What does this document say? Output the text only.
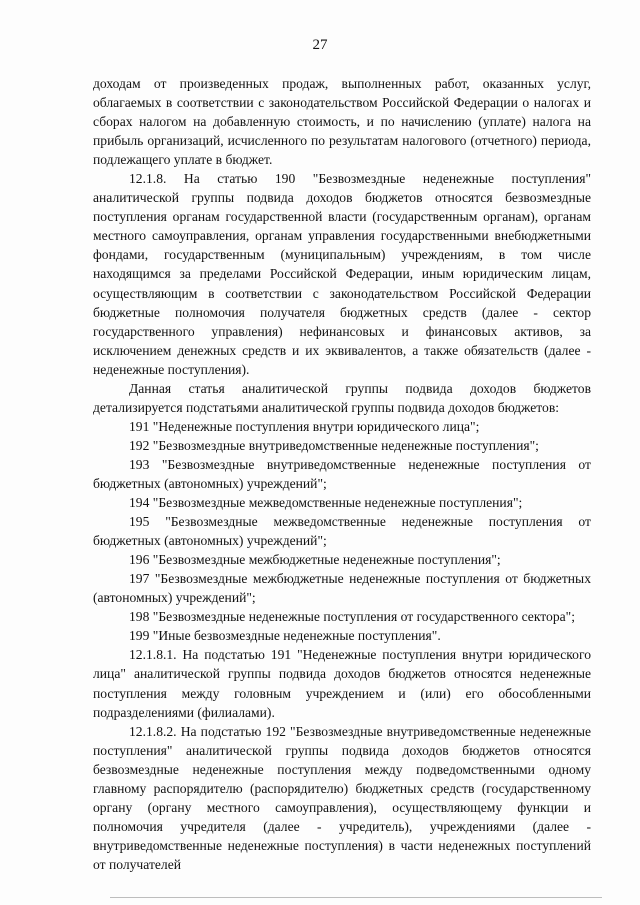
27

доходам от произведенных продаж, выполненных работ, оказанных услуг, облагаемых в соответствии с законодательством Российской Федерации о налогах и сборах налогом на добавленную стоимость, и по начислению (уплате) налога на прибыль организаций, исчисленного по результатам налогового (отчетного) периода, подлежащего уплате в бюджет.

12.1.8. На статью 190 "Безвозмездные неденежные поступления" аналитической группы подвида доходов бюджетов относятся безвозмездные поступления органам государственной власти (государственным органам), органам местного самоуправления, органам управления государственными внебюджетными фондами, государственным (муниципальным) учреждениям, в том числе находящимся за пределами Российской Федерации, иным юридическим лицам, осуществляющим в соответствии с законодательством Российской Федерации бюджетные полномочия получателя бюджетных средств (далее - сектор государственного управления) нефинансовых и финансовых активов, за исключением денежных средств и их эквивалентов, а также обязательств (далее - неденежные поступления).

Данная статья аналитической группы подвида доходов бюджетов детализируется подстатьями аналитической группы подвида доходов бюджетов:

191 "Неденежные поступления внутри юридического лица";

192 "Безвозмездные внутриведомственные неденежные поступления";

193 "Безвозмездные внутриведомственные неденежные поступления от бюджетных (автономных) учреждений";

194 "Безвозмездные межведомственные неденежные поступления";

195 "Безвозмездные межведомственные неденежные поступления от бюджетных (автономных) учреждений";

196 "Безвозмездные межбюджетные неденежные поступления";

197 "Безвозмездные межбюджетные неденежные поступления от бюджетных (автономных) учреждений";

198 "Безвозмездные неденежные поступления от государственного сектора";

199 "Иные безвозмездные неденежные поступления".

12.1.8.1. На подстатью 191 "Неденежные поступления внутри юридического лица" аналитической группы подвида доходов бюджетов относятся неденежные поступления между головным учреждением и (или) его обособленными подразделениями (филиалами).

12.1.8.2. На подстатью 192 "Безвозмездные внутриведомственные неденежные поступления" аналитической группы подвида доходов бюджетов относятся безвозмездные неденежные поступления между подведомственными одному главному распорядителю (распорядителю) бюджетных средств (государственному органу (органу местного самоуправления), осуществляющему функции и полномочия учредителя (далее - учредитель), учреждениями (далее - внутриведомственные неденежные поступления) в части неденежных поступлений от получателей
